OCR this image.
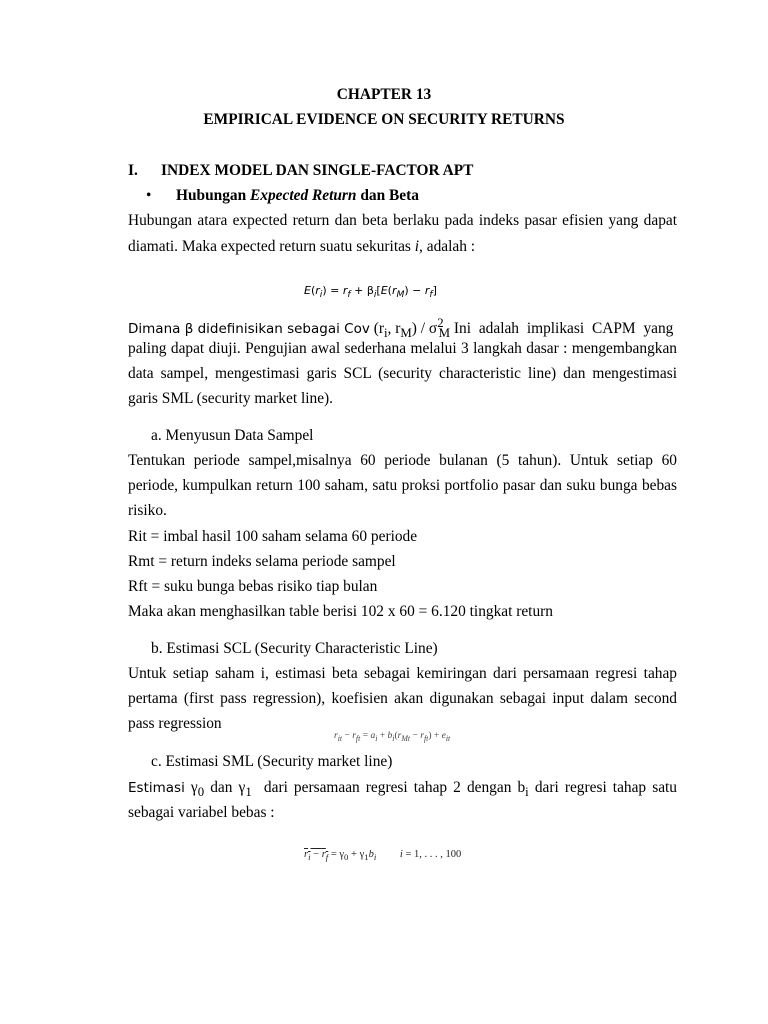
CHAPTER 13
EMPIRICAL EVIDENCE ON SECURITY RETURNS
I. INDEX MODEL DAN SINGLE-FACTOR APT
• Hubungan Expected Return dan Beta
Hubungan atara expected return dan beta berlaku pada indeks pasar efisien yang dapat
diamati. Maka expected return suatu sekuritas i, adalah :
$E(r_i) = r_f + \beta_i[E(r_M) - r_f]$
Dimana β didefinisikan sebagai Cov ($r_i$, $r_M) / \sigma^2_M$ Ini adalah implikasi CAPM yang
paling dapat diuji. Pengujian awal sederhana melalui 3 langkah dasar : mengembangkan
data sampel, mengestimasi garis SCL (security characteristic line) dan mengestimasi
garis SML (security market line).
a. Menyusun Data Sampel
Tentukan periode sampel,misalnya 60 periode bulanan (5 tahun). Untuk setiap 60
periode, kumpulkan return 100 saham, satu proksi portfolio pasar dan suku bunga bebas
risiko.
Rit = imbal hasil 100 saham selama 60 periode
Rmt = return indeks selama periode sampel
Rft = suku bunga bebas risiko tiap bulan
Maka akan menghasilkan table berisi 102 x 60 = 6.120 tingkat return
b. Estimasi SCL (Security Characteristic Line)
Untuk setiap saham i, estimasi beta sebagai kemiringan dari persamaan regresi tahap
pertama (first pass regression), koefisien akan digunakan sebagai input dalam second
pass regression
$r_{it} - r_{ft} = a_i + b_i(r_{Mt} - r_{ft}) + e_{it}$
c. Estimasi SML (Security market line)
Estimasi $\gamma_0$ dan $\gamma_1$  dari persamaan regresi tahap 2 dengan $b_i$ dari regresi tahap satu
sebagai variabel bebas :
$r_i - r_f = \gamma_0 + \gamma_1b_i$ i = 1, . . . , 100
